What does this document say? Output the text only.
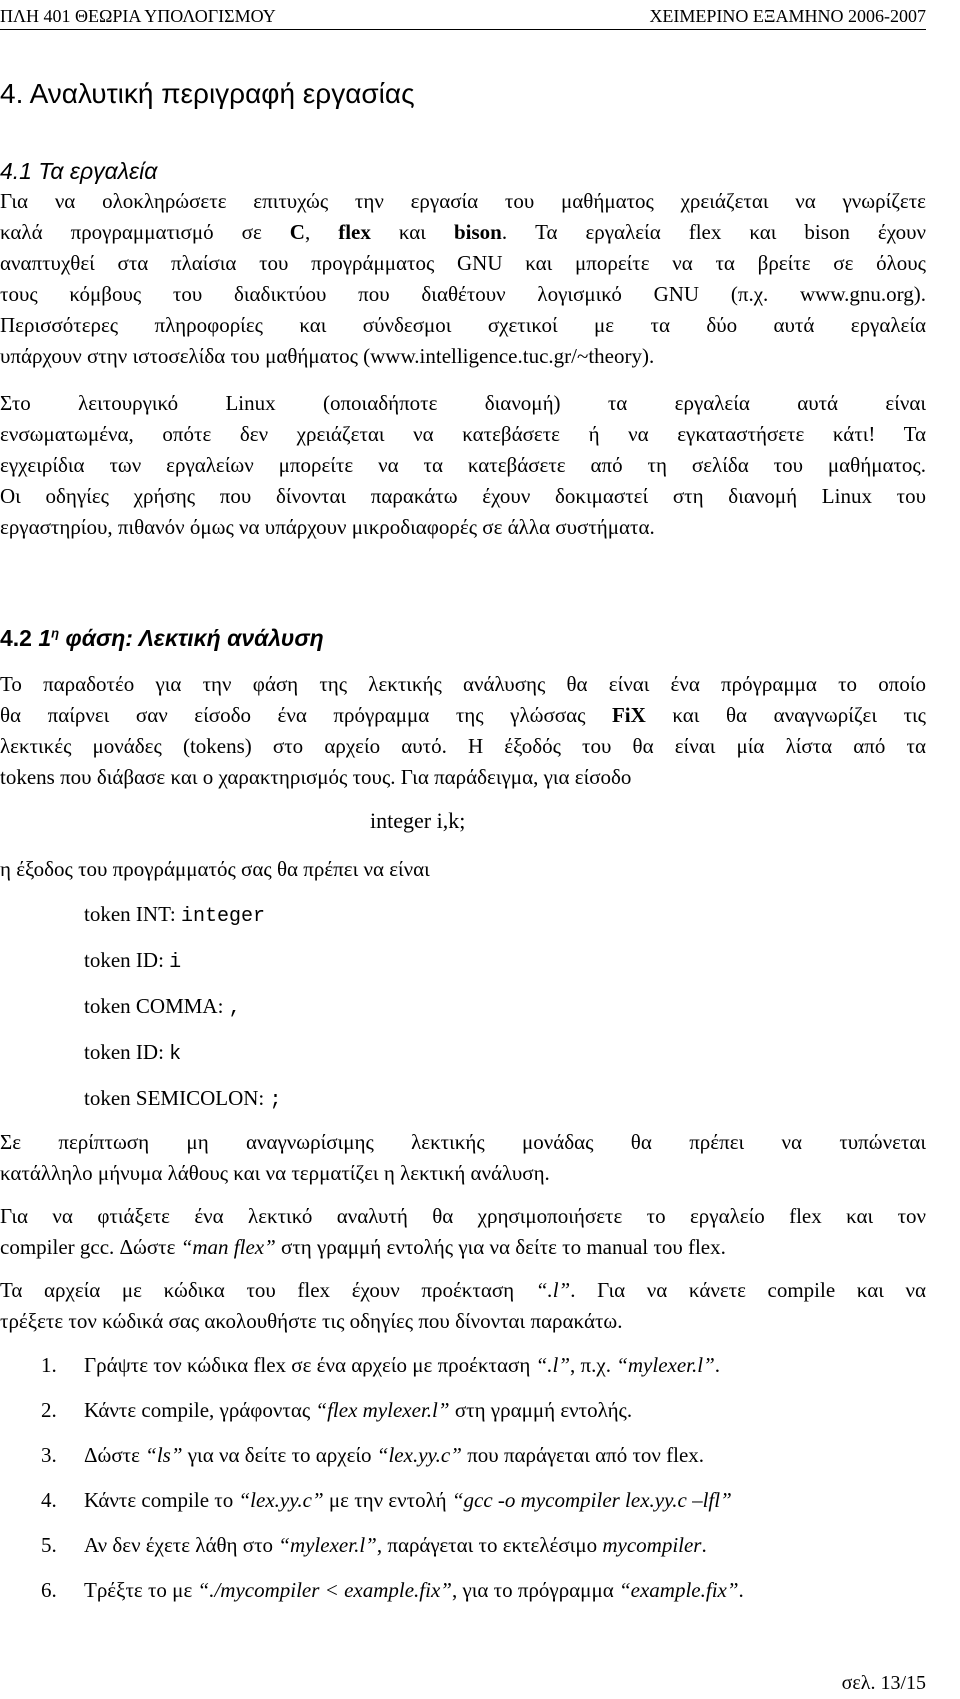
ΠΛΗ 401 ΘΕΩΡΙΑ ΥΠΟΛΟΓΙΣΜΟΥ	ΧΕΙΜΕΡΙΝΟ ΕΞΑΜΗΝΟ 2006-2007
4. Αναλυτική περιγραφή εργασίας
4.1 Τα εργαλεία
Για να ολοκληρώσετε επιτυχώς την εργασία του μαθήματος χρειάζεται να γνωρίζετε
καλά προγραμματισμό σε C, flex και bison. Τα εργαλεία flex και bison έχουν
αναπτυχθεί στα πλαίσια του προγράμματος GNU και μπορείτε να τα βρείτε σε όλους
τους κόμβους του διαδικτύου που διαθέτουν λογισμικό GNU (π.χ. www.gnu.org).
Περισσότερες πληροφορίες και σύνδεσμοι σχετικοί με τα δύο αυτά εργαλεία
υπάρχουν στην ιστοσελίδα του μαθήματος (www.intelligence.tuc.gr/~theory).
Στο λειτουργικό Linux (οποιαδήποτε διανομή) τα εργαλεία αυτά είναι
ενσωματωμένα, οπότε δεν χρειάζεται να κατεβάσετε ή να εγκαταστήσετε κάτι! Τα
εγχειρίδια των εργαλείων μπορείτε να τα κατεβάσετε από τη σελίδα του μαθήματος.
Οι οδηγίες χρήσης που δίνονται παρακάτω έχουν δοκιμαστεί στη διανομή Linux του
εργαστηρίου, πιθανόν όμως να υπάρχουν μικροδιαφορές σε άλλα συστήματα.
4.2 $1^\eta$ φάση: Λεκτική ανάλυση
Το παραδοτέο για την φάση της λεκτικής ανάλυσης θα είναι ένα πρόγραμμα το οποίο
θα παίρνει σαν είσοδο ένα πρόγραμμα της γλώσσας FiX και θα αναγνωρίζει τις
λεκτικές μονάδες (tokens) στο αρχείο αυτό. Η έξοδός του θα είναι μία λίστα από τα
tokens που διάβασε και ο χαρακτηρισμός τους. Για παράδειγμα, για είσοδο
integer i,k;
η έξοδος του προγράμματός σας θα πρέπει να είναι
token INT: integer
token ID: i
token COMMA: ,
token ID: k
token SEMICOLON: ;
Σε περίπτωση μη αναγνωρίσιμης λεκτικής μονάδας θα πρέπει να τυπώνεται
κατάλληλο μήνυμα λάθους και να τερματίζει η λεκτική ανάλυση.
Για να φτιάξετε ένα λεκτικό αναλυτή θα χρησιμοποιήσετε το εργαλείο flex και τον
compiler gcc. Δώστε “man flex” στη γραμμή εντολής για να δείτε το manual του flex.
Τα αρχεία με κώδικα του flex έχουν προέκταση “.l”. Για να κάνετε compile και να
τρέξετε τον κώδικά σας ακολουθήστε τις οδηγίες που δίνονται παρακάτω.
1. Γράψτε τον κώδικα flex σε ένα αρχείο με προέκταση “.l”, π.χ. “mylexer.l”.
2. Κάντε compile, γράφοντας “flex mylexer.l” στη γραμμή εντολής.
3. Δώστε “ls” για να δείτε το αρχείο “lex.yy.c” που παράγεται από τον flex.
4. Κάντε compile το “lex.yy.c” με την εντολή “gcc -o mycompiler lex.yy.c –lfl”
5. Αν δεν έχετε λάθη στο “mylexer.l”, παράγεται το εκτελέσιμο mycompiler.
6. Τρέξτε το με “./mycompiler < example.fix”, για το πρόγραμμα “example.fix”.
σελ. 13/15
